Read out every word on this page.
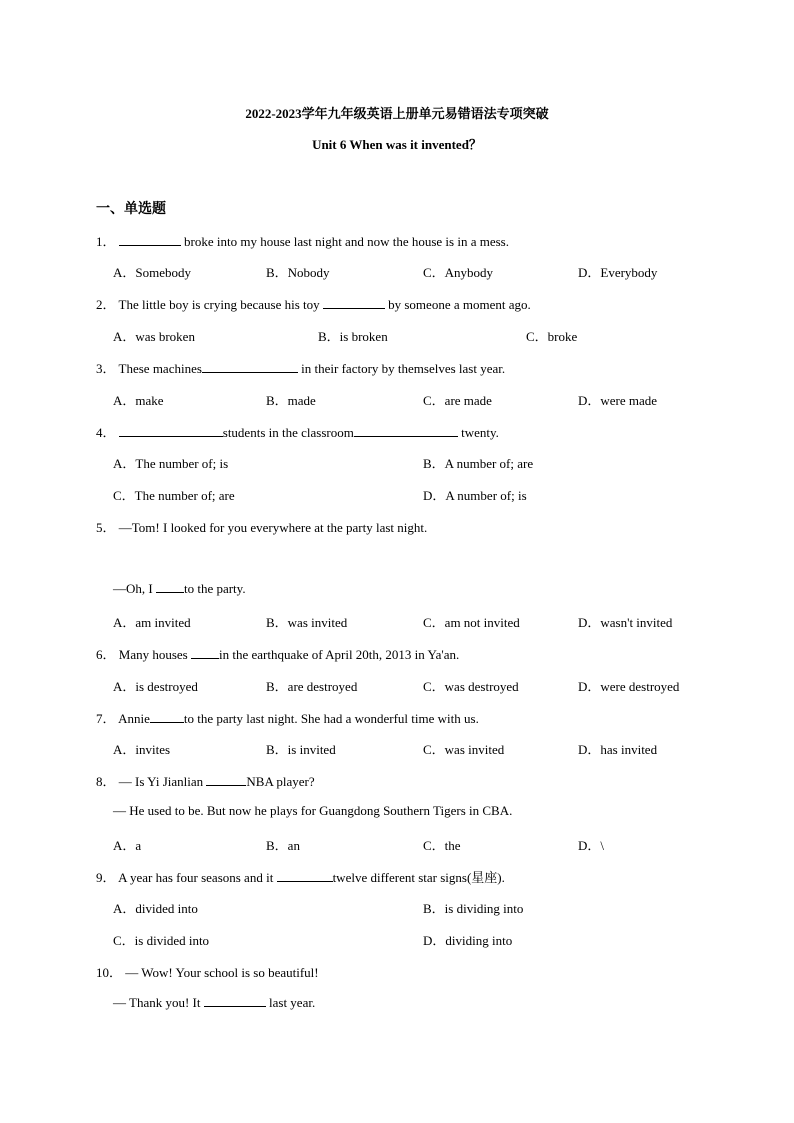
2022-2023学年九年级英语上册单元易错语法专项突破
Unit 6 When was it invented？
一、单选题
1．	broke into my house last night and now the house is in a mess.
A．Somebody	B．Nobody	C．Anybody	D．Everybody
2． The little boy is crying because his toy	by someone a moment ago.
A．was broken	B．is broken	C．broke
3． These machines	in their factory by themselves last year.
A．make	B．made	C．are made	D．were made
4．	students in the classroom	twenty.
A．The number of; is	B．A number of; are
C．The number of; are	D．A number of; is
5． —Tom! I looked for you everywhere at the party last night.
—Oh, I to the party.
A．am invited	B．was invited	C．am not invited	D．wasn't invited
6． Many houses in the earthquake of April 20th, 2013 in Ya'an.
A．is destroyed	B．are destroyed	C．was destroyed	D．were destroyed
7． Annie	to the party last night. She had a wonderful time with us.
A．invites	B．is invited	C．was invited	D．has invited
8． — Is Yi Jianlian	NBA player?
— He used to be. But now he plays for Guangdong Southern Tigers in CBA.
A．a	B．an	C．the	D．\
9． A year has four seasons and it	twelve different star signs(星座).
A．divided into	B．is dividing into
C．is divided into	D．dividing into
10． — Wow! Your school is so beautiful!
— Thank you! It	last year.
